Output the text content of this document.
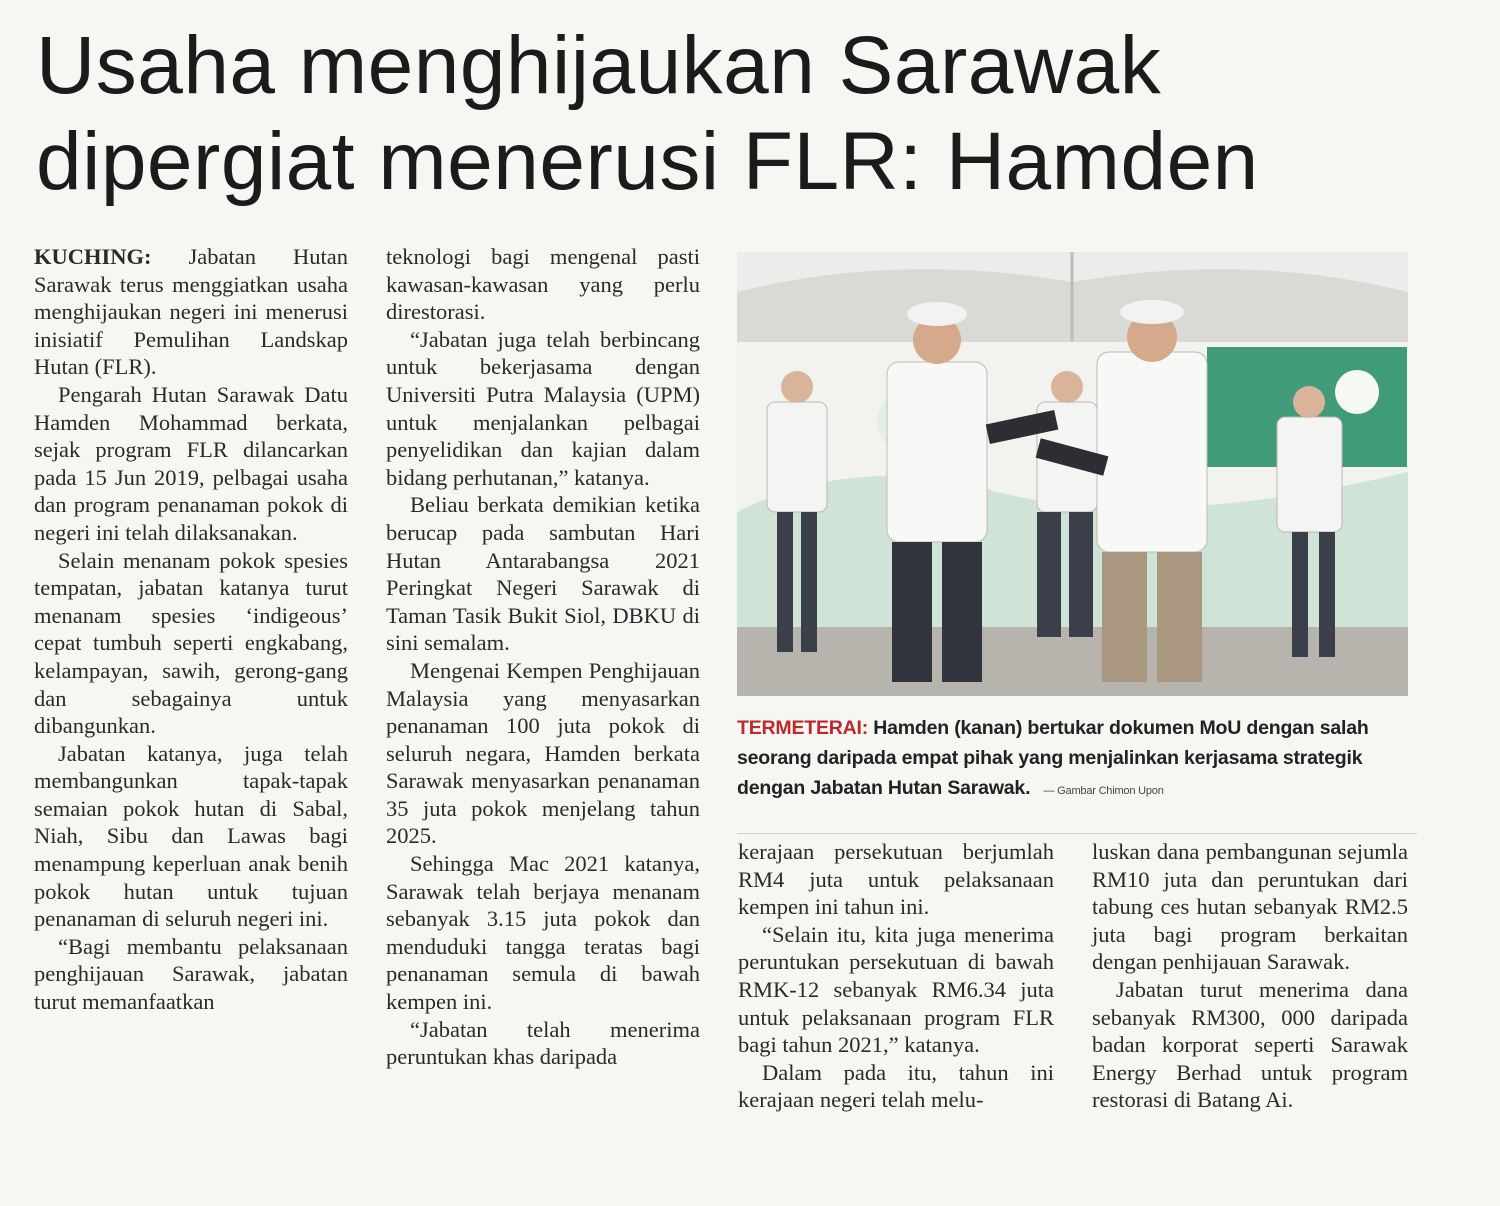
Usaha menghijaukan Sarawak
dipergiat menerusi FLR: Hamden

KUCHING: Jabatan Hutan Sarawak terus menggiatkan usaha menghijaukan negeri ini menerusi inisiatif Pemulihan Landskap Hutan (FLR).

Pengarah Hutan Sarawak Datu Hamden Mohammad berkata, sejak program FLR dilancarkan pada 15 Jun 2019, pelbagai usaha dan program penanaman pokok di negeri ini telah dilaksanakan.

Selain menanam pokok spesies tempatan, jabatan katanya turut menanam spesies ‘indigeous’ cepat tumbuh seperti engkabang, kelampayan, sawih, gerong-gang dan sebagainya untuk dibangunkan.

Jabatan katanya, juga telah membangunkan tapak-tapak semaian pokok hutan di Sabal, Niah, Sibu dan Lawas bagi menampung keperluan anak benih pokok hutan untuk tujuan penanaman di seluruh negeri ini.

“Bagi membantu pelaksanaan penghijauan Sarawak, jabatan turut memanfaatkan

teknologi bagi mengenal pasti kawasan-kawasan yang perlu direstorasi.

“Jabatan juga telah berbincang untuk bekerjasama dengan Universiti Putra Malaysia (UPM) untuk menjalankan pelbagai penyelidikan dan kajian dalam bidang perhutanan,” katanya.

Beliau berkata demikian ketika berucap pada sambutan Hari Hutan Antarabangsa 2021 Peringkat Negeri Sarawak di Taman Tasik Bukit Siol, DBKU di sini semalam.

Mengenai Kempen Penghijauan Malaysia yang menyasarkan penanaman 100 juta pokok di seluruh negara, Hamden berkata Sarawak menyasarkan penanaman 35 juta pokok menjelang tahun 2025.

Sehingga Mac 2021 katanya, Sarawak telah berjaya menanam sebanyak 3.15 juta pokok dan menduduki tangga teratas bagi penanaman semula di bawah kempen ini.

“Jabatan telah menerima peruntukan khas daripada

TERMETERAI: Hamden (kanan) bertukar dokumen MoU dengan salah seorang daripada empat pihak yang menjalinkan kerjasama strategik dengan Jabatan Hutan Sarawak. — Gambar Chimon Upon

kerajaan persekutuan berjumlah RM4 juta untuk pelaksanaan kempen ini tahun ini.

“Selain itu, kita juga menerima peruntukan persekutuan di bawah RMK-12 sebanyak RM6.34 juta untuk pelaksanaan program FLR bagi tahun 2021,” katanya.

Dalam pada itu, tahun ini kerajaan negeri telah melu-

luskan dana pembangunan sejumla RM10 juta dan peruntukan dari tabung ces hutan sebanyak RM2.5 juta bagi program berkaitan dengan penhijauan Sarawak.

Jabatan turut menerima dana sebanyak RM300, 000 daripada badan korporat seperti Sarawak Energy Berhad untuk program restorasi di Batang Ai.
